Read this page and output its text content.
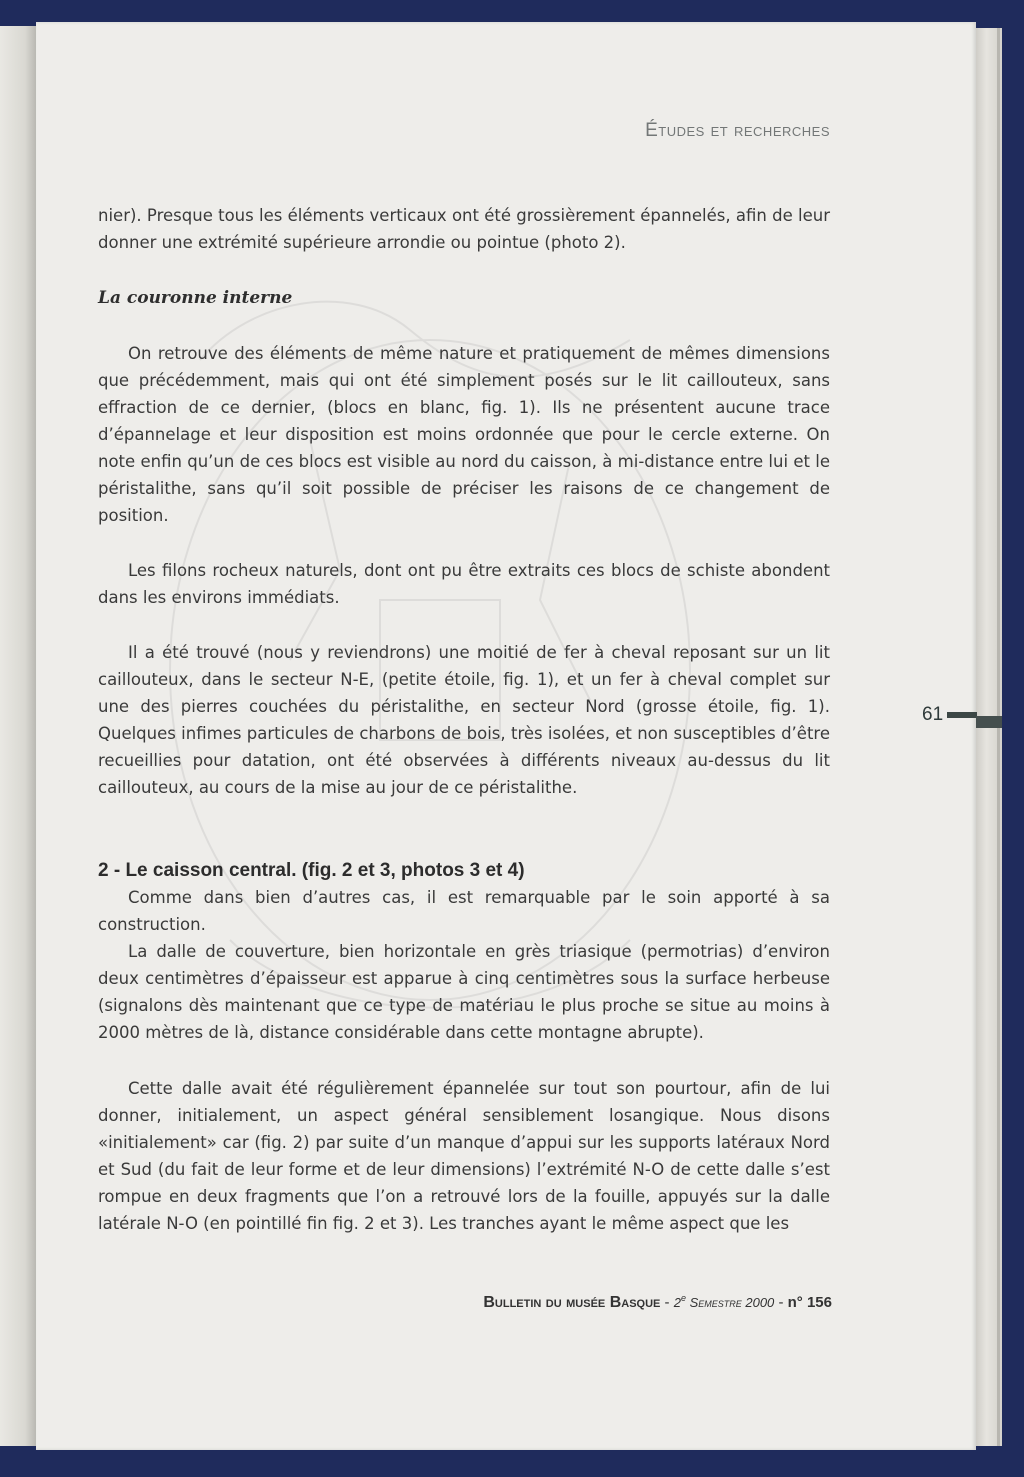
Études et recherches

nier). Presque tous les éléments verticaux ont été grossièrement épannelés, afin de leur donner une extrémité supérieure arrondie ou pointue (photo 2).

La couronne interne

On retrouve des éléments de même nature et pratiquement de mêmes dimensions que précédemment, mais qui ont été simplement posés sur le lit caillouteux, sans effraction de ce dernier, (blocs en blanc, fig. 1). Ils ne présentent aucune trace d’épannelage et leur disposition est moins ordonnée que pour le cercle externe. On note enfin qu’un de ces blocs est visible au nord du caisson, à mi-distance entre lui et le péristalithe, sans qu’il soit possible de préciser les raisons de ce changement de position.

Les filons rocheux naturels, dont ont pu être extraits ces blocs de schiste abondent dans les environs immédiats.

Il a été trouvé (nous y reviendrons) une moitié de fer à cheval reposant sur un lit caillouteux, dans le secteur N-E, (petite étoile, fig. 1), et un fer à cheval complet sur une des pierres couchées du péristalithe, en secteur Nord (grosse étoile, fig. 1). Quelques infimes particules de charbons de bois, très isolées, et non susceptibles d’être recueillies pour datation, ont été observées à différents niveaux au-dessus du lit caillouteux, au cours de la mise au jour de ce péristalithe.

2 - Le caisson central. (fig. 2 et 3, photos 3 et 4)

Comme dans bien d’autres cas, il est remarquable par le soin apporté à sa construction.

La dalle de couverture, bien horizontale en grès triasique (permotrias) d’environ deux centimètres d’épaisseur est apparue à cinq centimètres sous la surface herbeuse (signalons dès maintenant que ce type de matériau le plus proche se situe au moins à 2000 mètres de là, distance considérable dans cette montagne abrupte).

Cette dalle avait été régulièrement épannelée sur tout son pourtour, afin de lui donner, initialement, un aspect général sensiblement losangique. Nous disons «initialement» car (fig. 2) par suite d’un manque d’appui sur les supports latéraux Nord et Sud (du fait de leur forme et de leur dimensions) l’extrémité N-O de cette dalle s’est rompue en deux fragments que l’on a retrouvé lors de la fouille, appuyés sur la dalle latérale N-O (en pointillé fin fig. 2 et 3). Les tranches ayant le même aspect que les

61
Bulletin du musée Basque - 2e Semestre 2000 - n° 156
